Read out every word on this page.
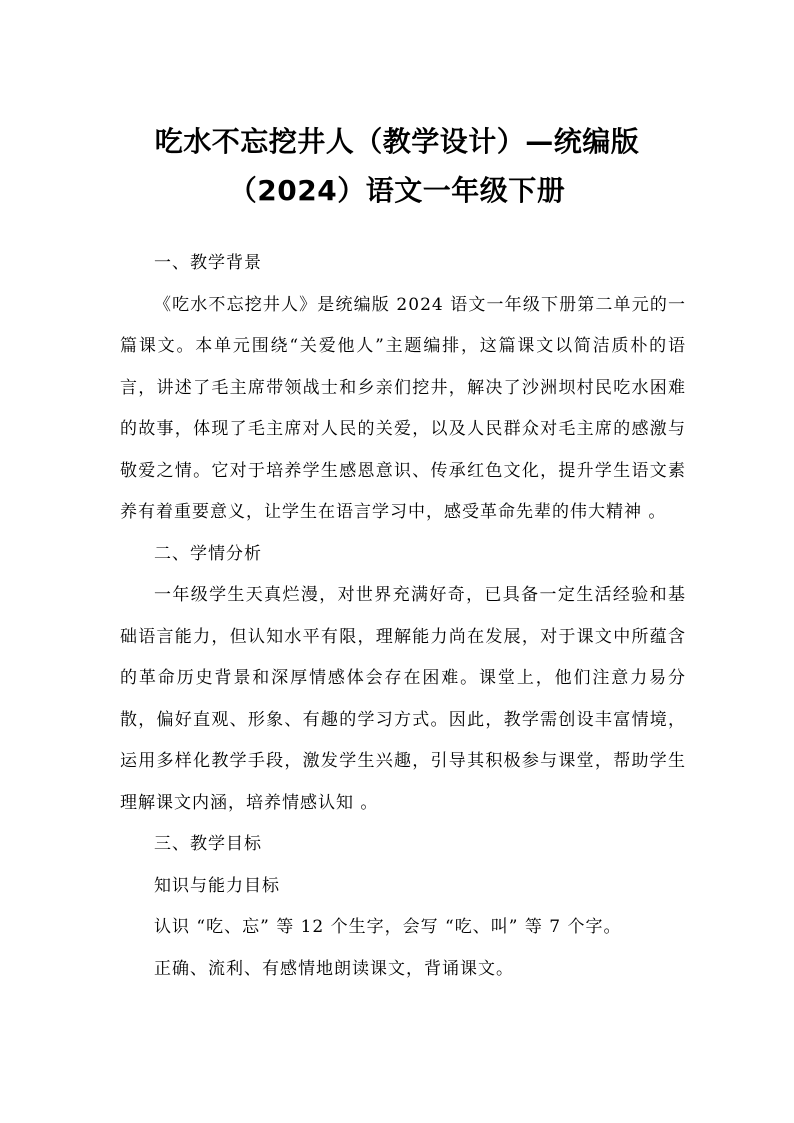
吃水不忘挖井人（教学设计）—统编版
（2024）语文一年级下册

一、教学背景

《吃水不忘挖井人》是统编版 2024 语文一年级下册第二单元的一篇课文。本单元围绕“关爱他人”主题编排，这篇课文以简洁质朴的语言，讲述了毛主席带领战士和乡亲们挖井，解决了沙洲坝村民吃水困难的故事，体现了毛主席对人民的关爱，以及人民群众对毛主席的感激与敬爱之情。它对于培养学生感恩意识、传承红色文化，提升学生语文素养有着重要意义，让学生在语言学习中，感受革命先辈的伟大精神 。

二、学情分析

一年级学生天真烂漫，对世界充满好奇，已具备一定生活经验和基础语言能力，但认知水平有限，理解能力尚在发展，对于课文中所蕴含的革命历史背景和深厚情感体会存在困难。课堂上，他们注意力易分散，偏好直观、形象、有趣的学习方式。因此，教学需创设丰富情境，运用多样化教学手段，激发学生兴趣，引导其积极参与课堂，帮助学生理解课文内涵，培养情感认知 。

三、教学目标

知识与能力目标

认识 “吃、忘” 等 12 个生字，会写 “吃、叫” 等 7 个字。

正确、流利、有感情地朗读课文，背诵课文。
